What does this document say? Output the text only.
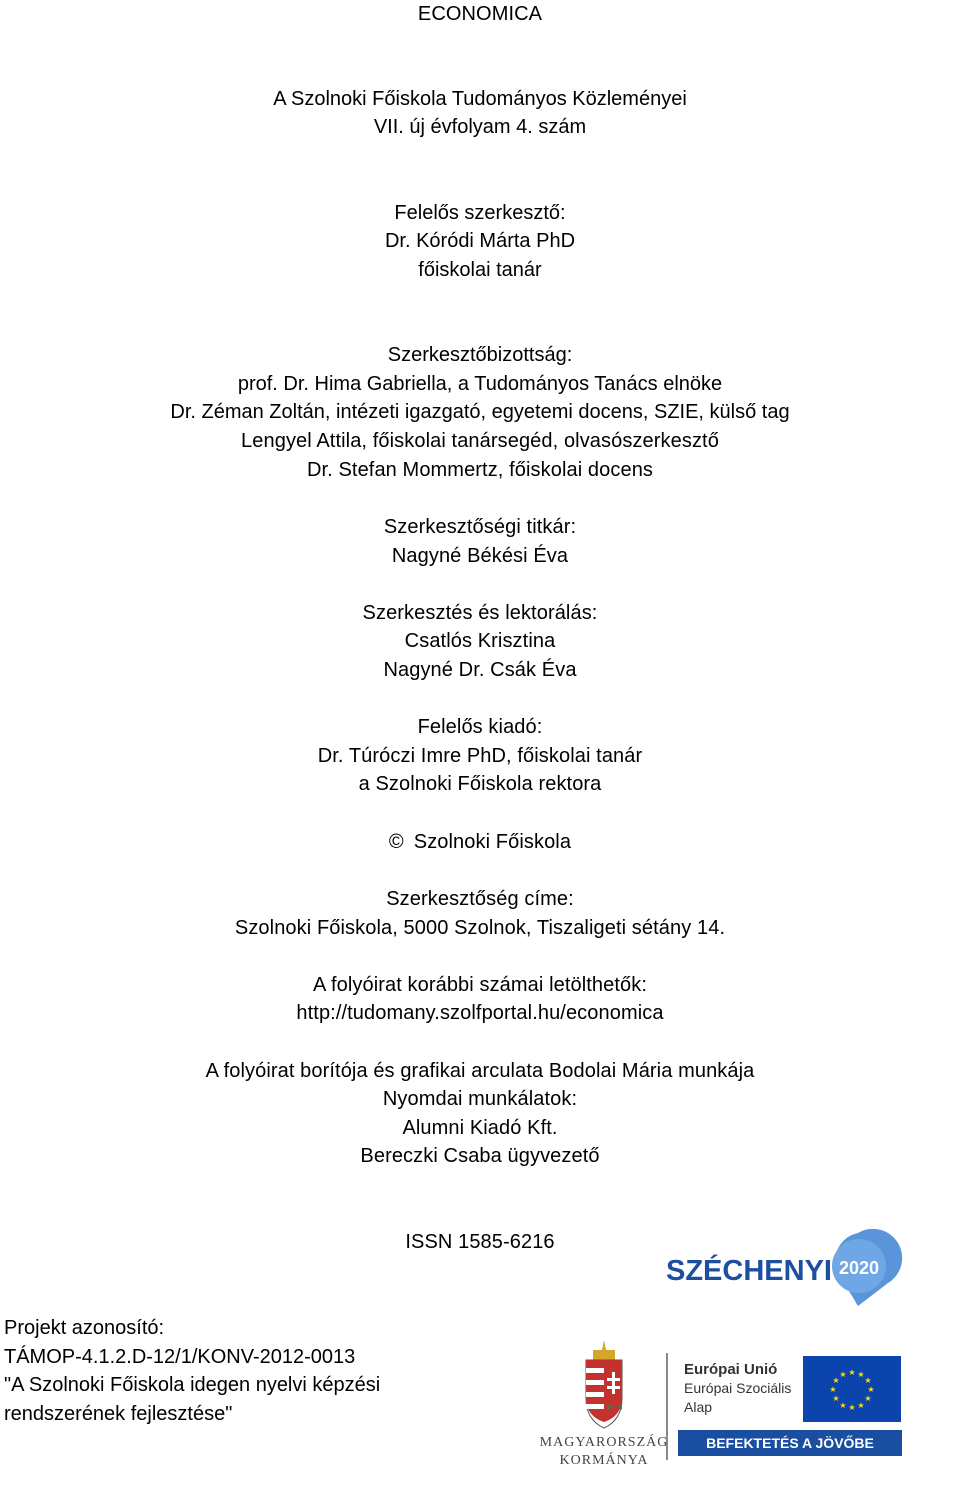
ECONOMICA
A Szolnoki Főiskola Tudományos Közleményei
VII. új évfolyam 4. szám
Felelős szerkesztő:
Dr. Kóródi Márta PhD
főiskolai tanár
Szerkesztőbizottság:
prof. Dr. Hima Gabriella, a Tudományos Tanács elnöke
Dr. Zéman Zoltán, intézeti igazgató, egyetemi docens, SZIE, külső tag
Lengyel Attila, főiskolai tanársegéd, olvasószerkesztő
Dr. Stefan Mommertz, főiskolai docens
Szerkesztőségi titkár:
Nagyné Békési Éva
Szerkesztés és lektorálás:
Csatlós Krisztina
Nagyné Dr. Csák Éva
Felelős kiadó:
Dr. Túróczi Imre PhD, főiskolai tanár
a Szolnoki Főiskola rektora
© Szolnoki Főiskola
Szerkesztőség címe:
Szolnoki Főiskola, 5000 Szolnok, Tiszaligeti sétány 14.
A folyóirat korábbi számai letölthetők:
http://tudomany.szolfportal.hu/economica
A folyóirat borítója és grafikai arculata Bodolai Mária munkája
Nyomdai munkálatok:
Alumni Kiadó Kft.
Bereczki Csaba ügyvezető
ISSN 1585-6216
Projekt azonosító:
TÁMOP-4.1.2.D-12/1/KONV-2012-0013
"A Szolnoki Főiskola idegen nyelvi képzési
rendszerének fejlesztése"
SZÉCHENYI 2020
MAGYARORSZÁG
KORMÁNYA
Európai Unió
Európai Szociális
Alap
★ ★
★
★
★
★
★
★
★
★
★
★
BEFEKTETÉS A JÖVŐBE
